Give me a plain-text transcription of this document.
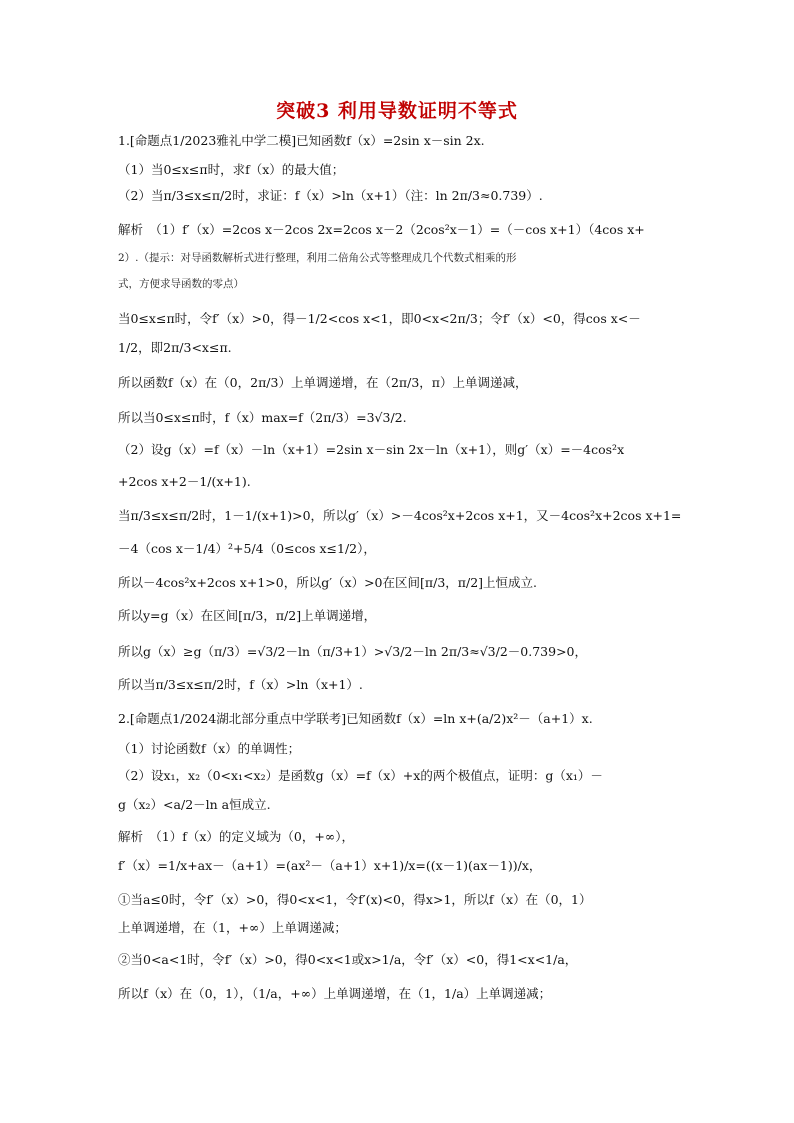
突破3 利用导数证明不等式
1.[命题点1/2023雅礼中学二模]已知函数f（x）=2sin x－sin 2x.
（1）当0≤x≤π时，求f（x）的最大值；
（2）当π/3≤x≤π/2时，求证：f（x）>ln（x+1）（注：ln 2π/3≈0.739）.
解析　（1）f′（x）=2cos x－2cos 2x=2cos x－2（2cos²x－1）=（－cos x+1）（4cos x+
2）.（提示：对导函数解析式进行整理，利用二倍角公式等整理成几个代数式相乘的形
式，方便求导函数的零点）
当0≤x≤π时，令f′（x）>0，得－1/2<cos x<1，即0<x<2π/3；令f′（x）<0，得cos x<－
1/2，即2π/3<x≤π.
所以函数f（x）在（0，2π/3）上单调递增，在（2π/3，π）上单调递减，
所以当0≤x≤π时，f（x）max=f（2π/3）=3√3/2.
（2）设g（x）=f（x）－ln（x+1）=2sin x－sin 2x－ln（x+1），则g′（x）=－4cos²x
+2cos x+2－1/(x+1).
当π/3≤x≤π/2时，1－1/(x+1)>0，所以g′（x）>－4cos²x+2cos x+1，又－4cos²x+2cos x+1=
－4（cos x－1/4）²+5/4（0≤cos x≤1/2），
所以－4cos²x+2cos x+1>0，所以g′（x）>0在区间[π/3，π/2]上恒成立.
所以y=g（x）在区间[π/3，π/2]上单调递增，
所以g（x）≥g（π/3）=√3/2－ln（π/3+1）>√3/2－ln 2π/3≈√3/2－0.739>0，
所以当π/3≤x≤π/2时，f（x）>ln（x+1）.
2.[命题点1/2024湖北部分重点中学联考]已知函数f（x）=ln x+(a/2)x²－（a+1）x.
（1）讨论函数f（x）的单调性；
（2）设x₁，x₂（0<x₁<x₂）是函数g（x）=f（x）+x的两个极值点，证明：g（x₁）－
g（x₂）<a/2－ln a恒成立.
解析　（1）f（x）的定义域为（0，+∞），
f′（x）=1/x+ax－（a+1）=(ax²－（a+1）x+1)/x=((x－1)(ax－1))/x，
①当a≤0时，令f′（x）>0，得0<x<1，令f′(x)<0，得x>1，所以f（x）在（0，1）
上单调递增，在（1，+∞）上单调递减；
②当0<a<1时，令f′（x）>0，得0<x<1或x>1/a，令f′（x）<0，得1<x<1/a，
所以f（x）在（0，1），（1/a，+∞）上单调递增，在（1，1/a）上单调递减；
